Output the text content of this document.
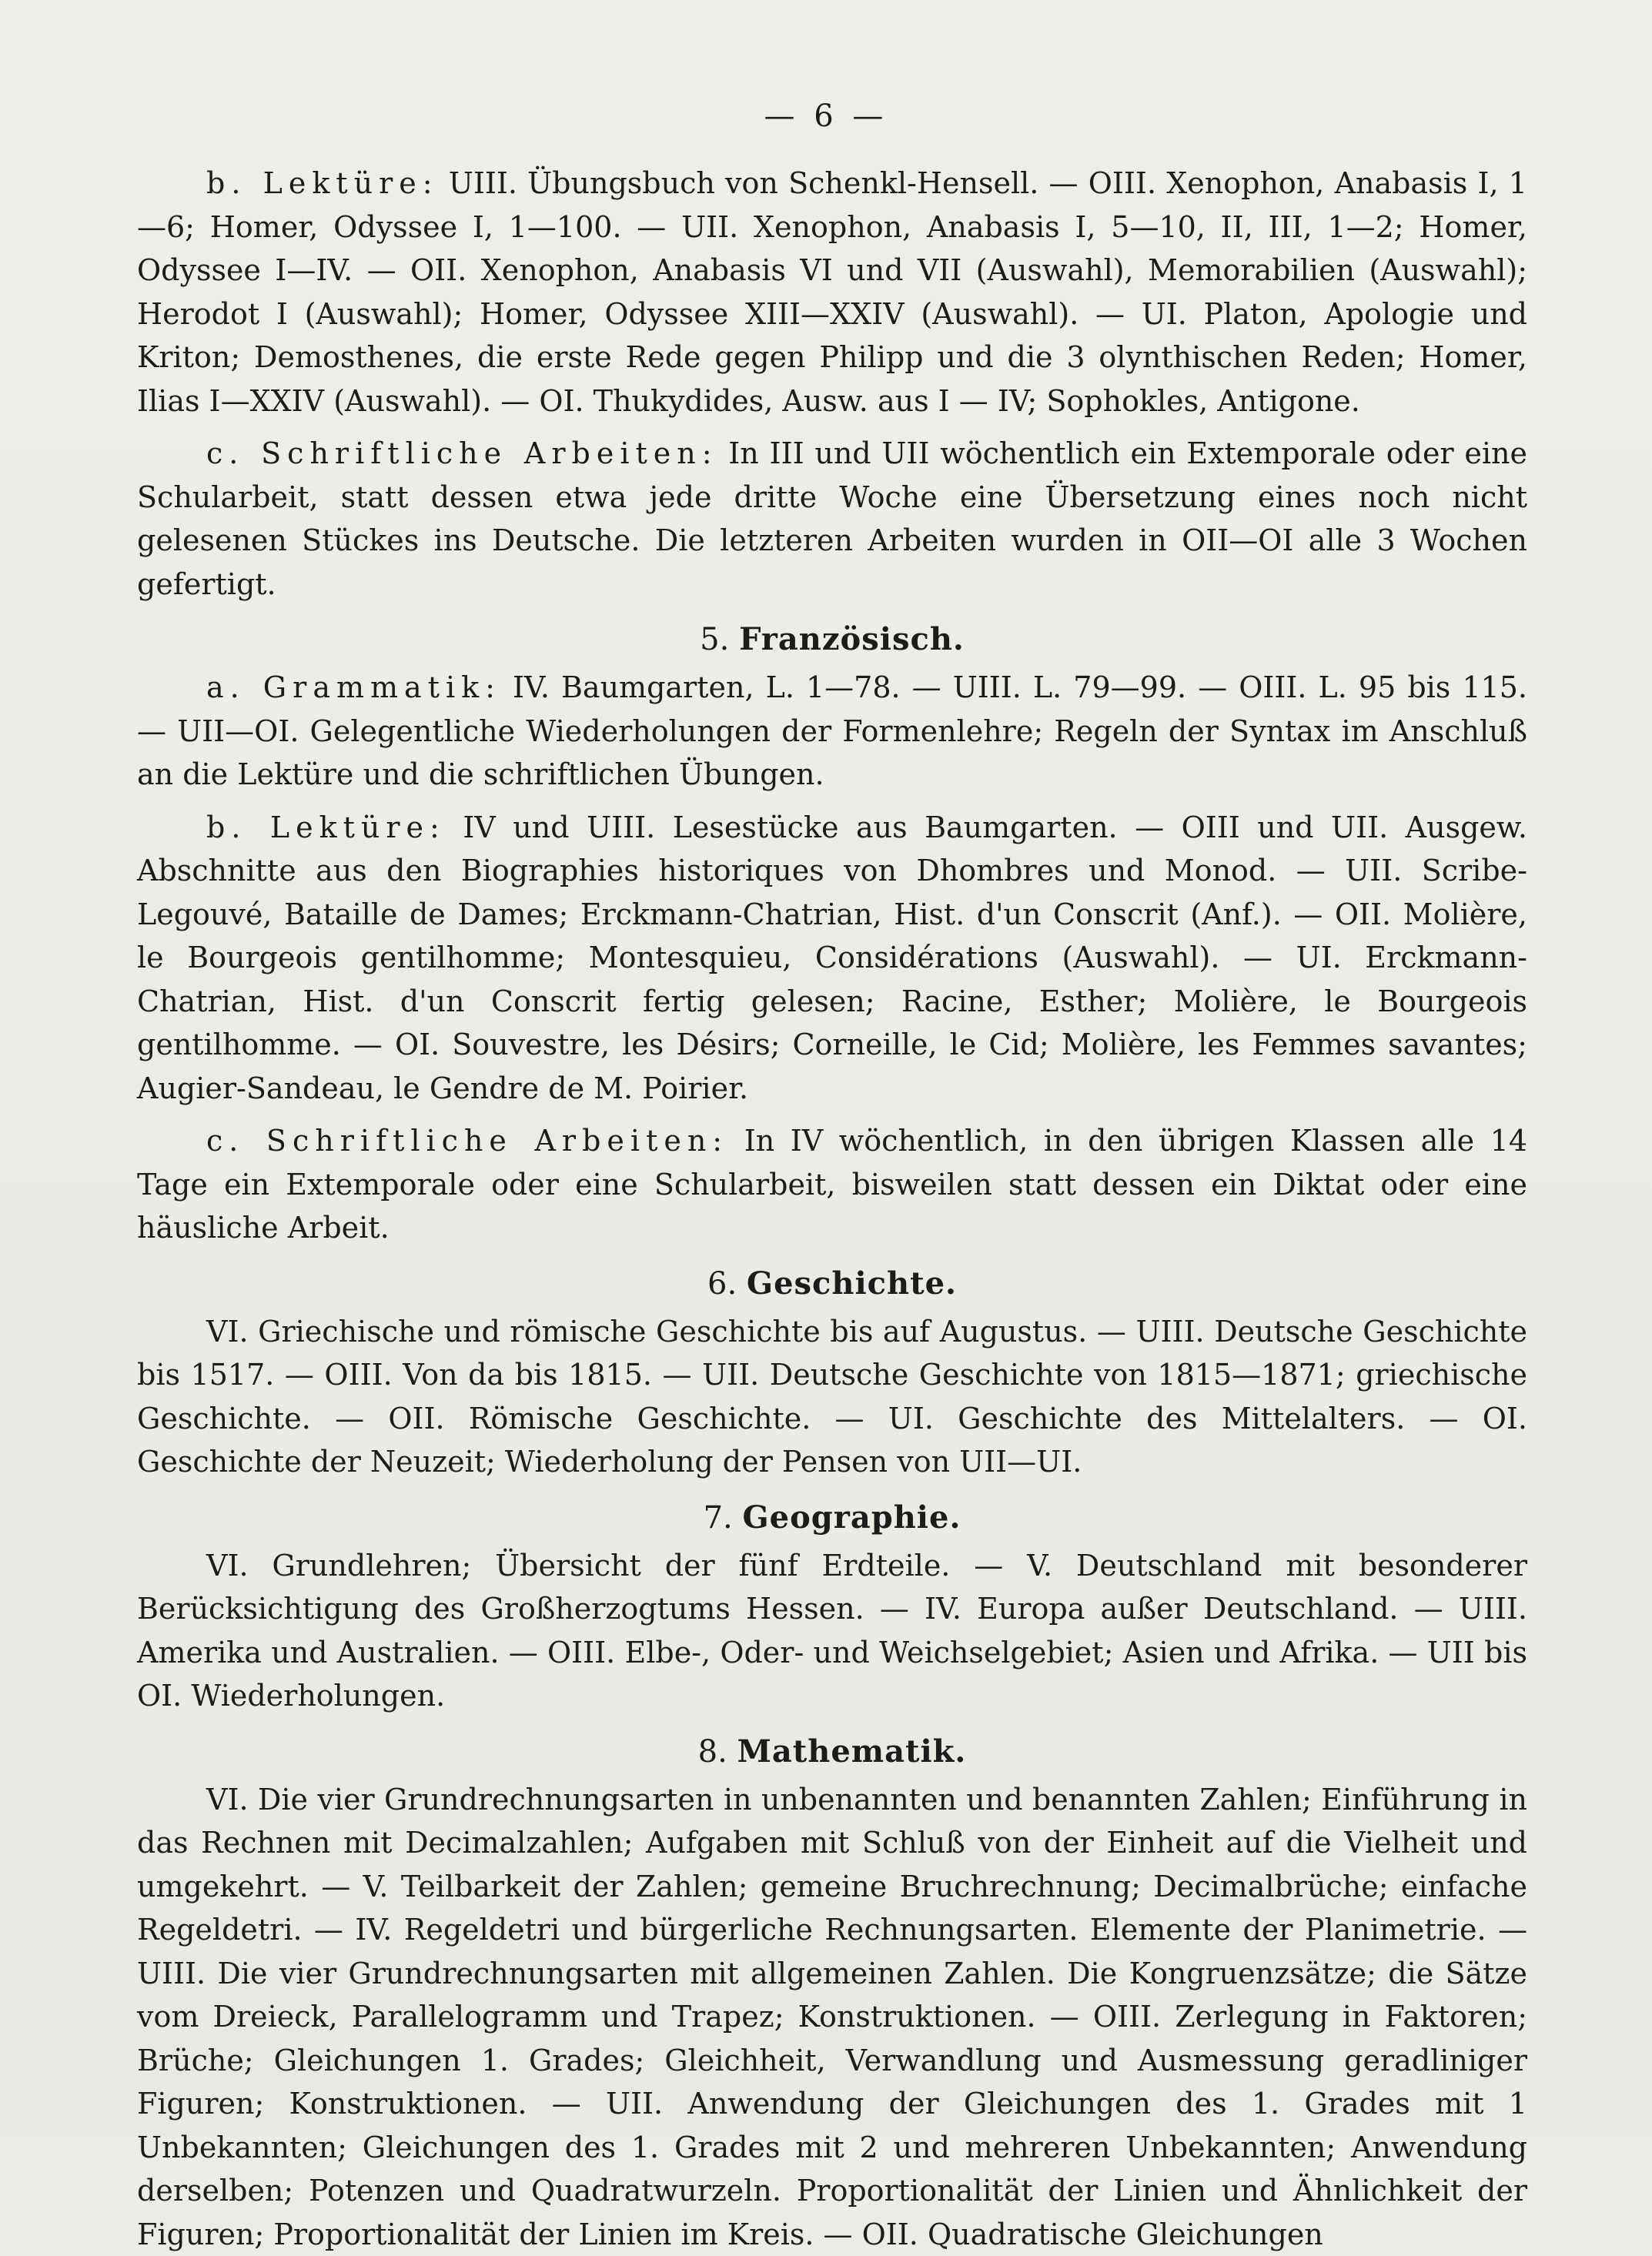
— 6 —

b. Lektüre: UIII. Übungsbuch von Schenkl-Hensell. — OIII. Xenophon, Anabasis I, 1—6; Homer, Odyssee I, 1—100. — UII. Xenophon, Anabasis I, 5—10, II, III, 1—2; Homer, Odyssee I—IV. — OII. Xenophon, Anabasis VI und VII (Auswahl), Memorabilien (Auswahl); Herodot I (Auswahl); Homer, Odyssee XIII—XXIV (Auswahl). — UI. Platon, Apologie und Kriton; Demosthenes, die erste Rede gegen Philipp und die 3 olynthischen Reden; Homer, Ilias I—XXIV (Auswahl). — OI. Thukydides, Ausw. aus I — IV; Sophokles, Antigone.

c. Schriftliche Arbeiten: In III und UII wöchentlich ein Extemporale oder eine Schularbeit, statt dessen etwa jede dritte Woche eine Übersetzung eines noch nicht gelesenen Stückes ins Deutsche. Die letzteren Arbeiten wurden in OII—OI alle 3 Wochen gefertigt.

5. Französisch.

a. Grammatik: IV. Baumgarten, L. 1—78. — UIII. L. 79—99. — OIII. L. 95 bis 115. — UII—OI. Gelegentliche Wiederholungen der Formenlehre; Regeln der Syntax im Anschluß an die Lektüre und die schriftlichen Übungen.

b. Lektüre: IV und UIII. Lesestücke aus Baumgarten. — OIII und UII. Ausgew. Abschnitte aus den Biographies historiques von Dhombres und Monod. — UII. Scribe-Legouvé, Bataille de Dames; Erckmann-Chatrian, Hist. d'un Conscrit (Anf.). — OII. Molière, le Bourgeois gentilhomme; Montesquieu, Considérations (Auswahl). — UI. Erckmann-Chatrian, Hist. d'un Conscrit fertig gelesen; Racine, Esther; Molière, le Bourgeois gentilhomme. — OI. Souvestre, les Désirs; Corneille, le Cid; Molière, les Femmes savantes; Augier-Sandeau, le Gendre de M. Poirier.

c. Schriftliche Arbeiten: In IV wöchentlich, in den übrigen Klassen alle 14 Tage ein Extemporale oder eine Schularbeit, bisweilen statt dessen ein Diktat oder eine häusliche Arbeit.

6. Geschichte.

VI. Griechische und römische Geschichte bis auf Augustus. — UIII. Deutsche Geschichte bis 1517. — OIII. Von da bis 1815. — UII. Deutsche Geschichte von 1815—1871; griechische Geschichte. — OII. Römische Geschichte. — UI. Geschichte des Mittelalters. — OI. Geschichte der Neuzeit; Wiederholung der Pensen von UII—UI.

7. Geographie.

VI. Grundlehren; Übersicht der fünf Erdteile. — V. Deutschland mit besonderer Berücksichtigung des Großherzogtums Hessen. — IV. Europa außer Deutschland. — UIII. Amerika und Australien. — OIII. Elbe-, Oder- und Weichselgebiet; Asien und Afrika. — UII bis OI. Wiederholungen.

8. Mathematik.

VI. Die vier Grundrechnungsarten in unbenannten und benannten Zahlen; Einführung in das Rechnen mit Decimalzahlen; Aufgaben mit Schluß von der Einheit auf die Vielheit und umgekehrt. — V. Teilbarkeit der Zahlen; gemeine Bruchrechnung; Decimalbrüche; einfache Regeldetri. — IV. Regeldetri und bürgerliche Rechnungsarten. Elemente der Planimetrie. — UIII. Die vier Grundrechnungsarten mit allgemeinen Zahlen. Die Kongruenzsätze; die Sätze vom Dreieck, Parallelogramm und Trapez; Konstruktionen. — OIII. Zerlegung in Faktoren; Brüche; Gleichungen 1. Grades; Gleichheit, Verwandlung und Ausmessung geradliniger Figuren; Konstruktionen. — UII. Anwendung der Gleichungen des 1. Grades mit 1 Unbekannten; Gleichungen des 1. Grades mit 2 und mehreren Unbekannten; Anwendung derselben; Potenzen und Quadratwurzeln. Proportionalität der Linien und Ähnlichkeit der Figuren; Proportionalität der Linien im Kreis. — OII. Quadratische Gleichungen
